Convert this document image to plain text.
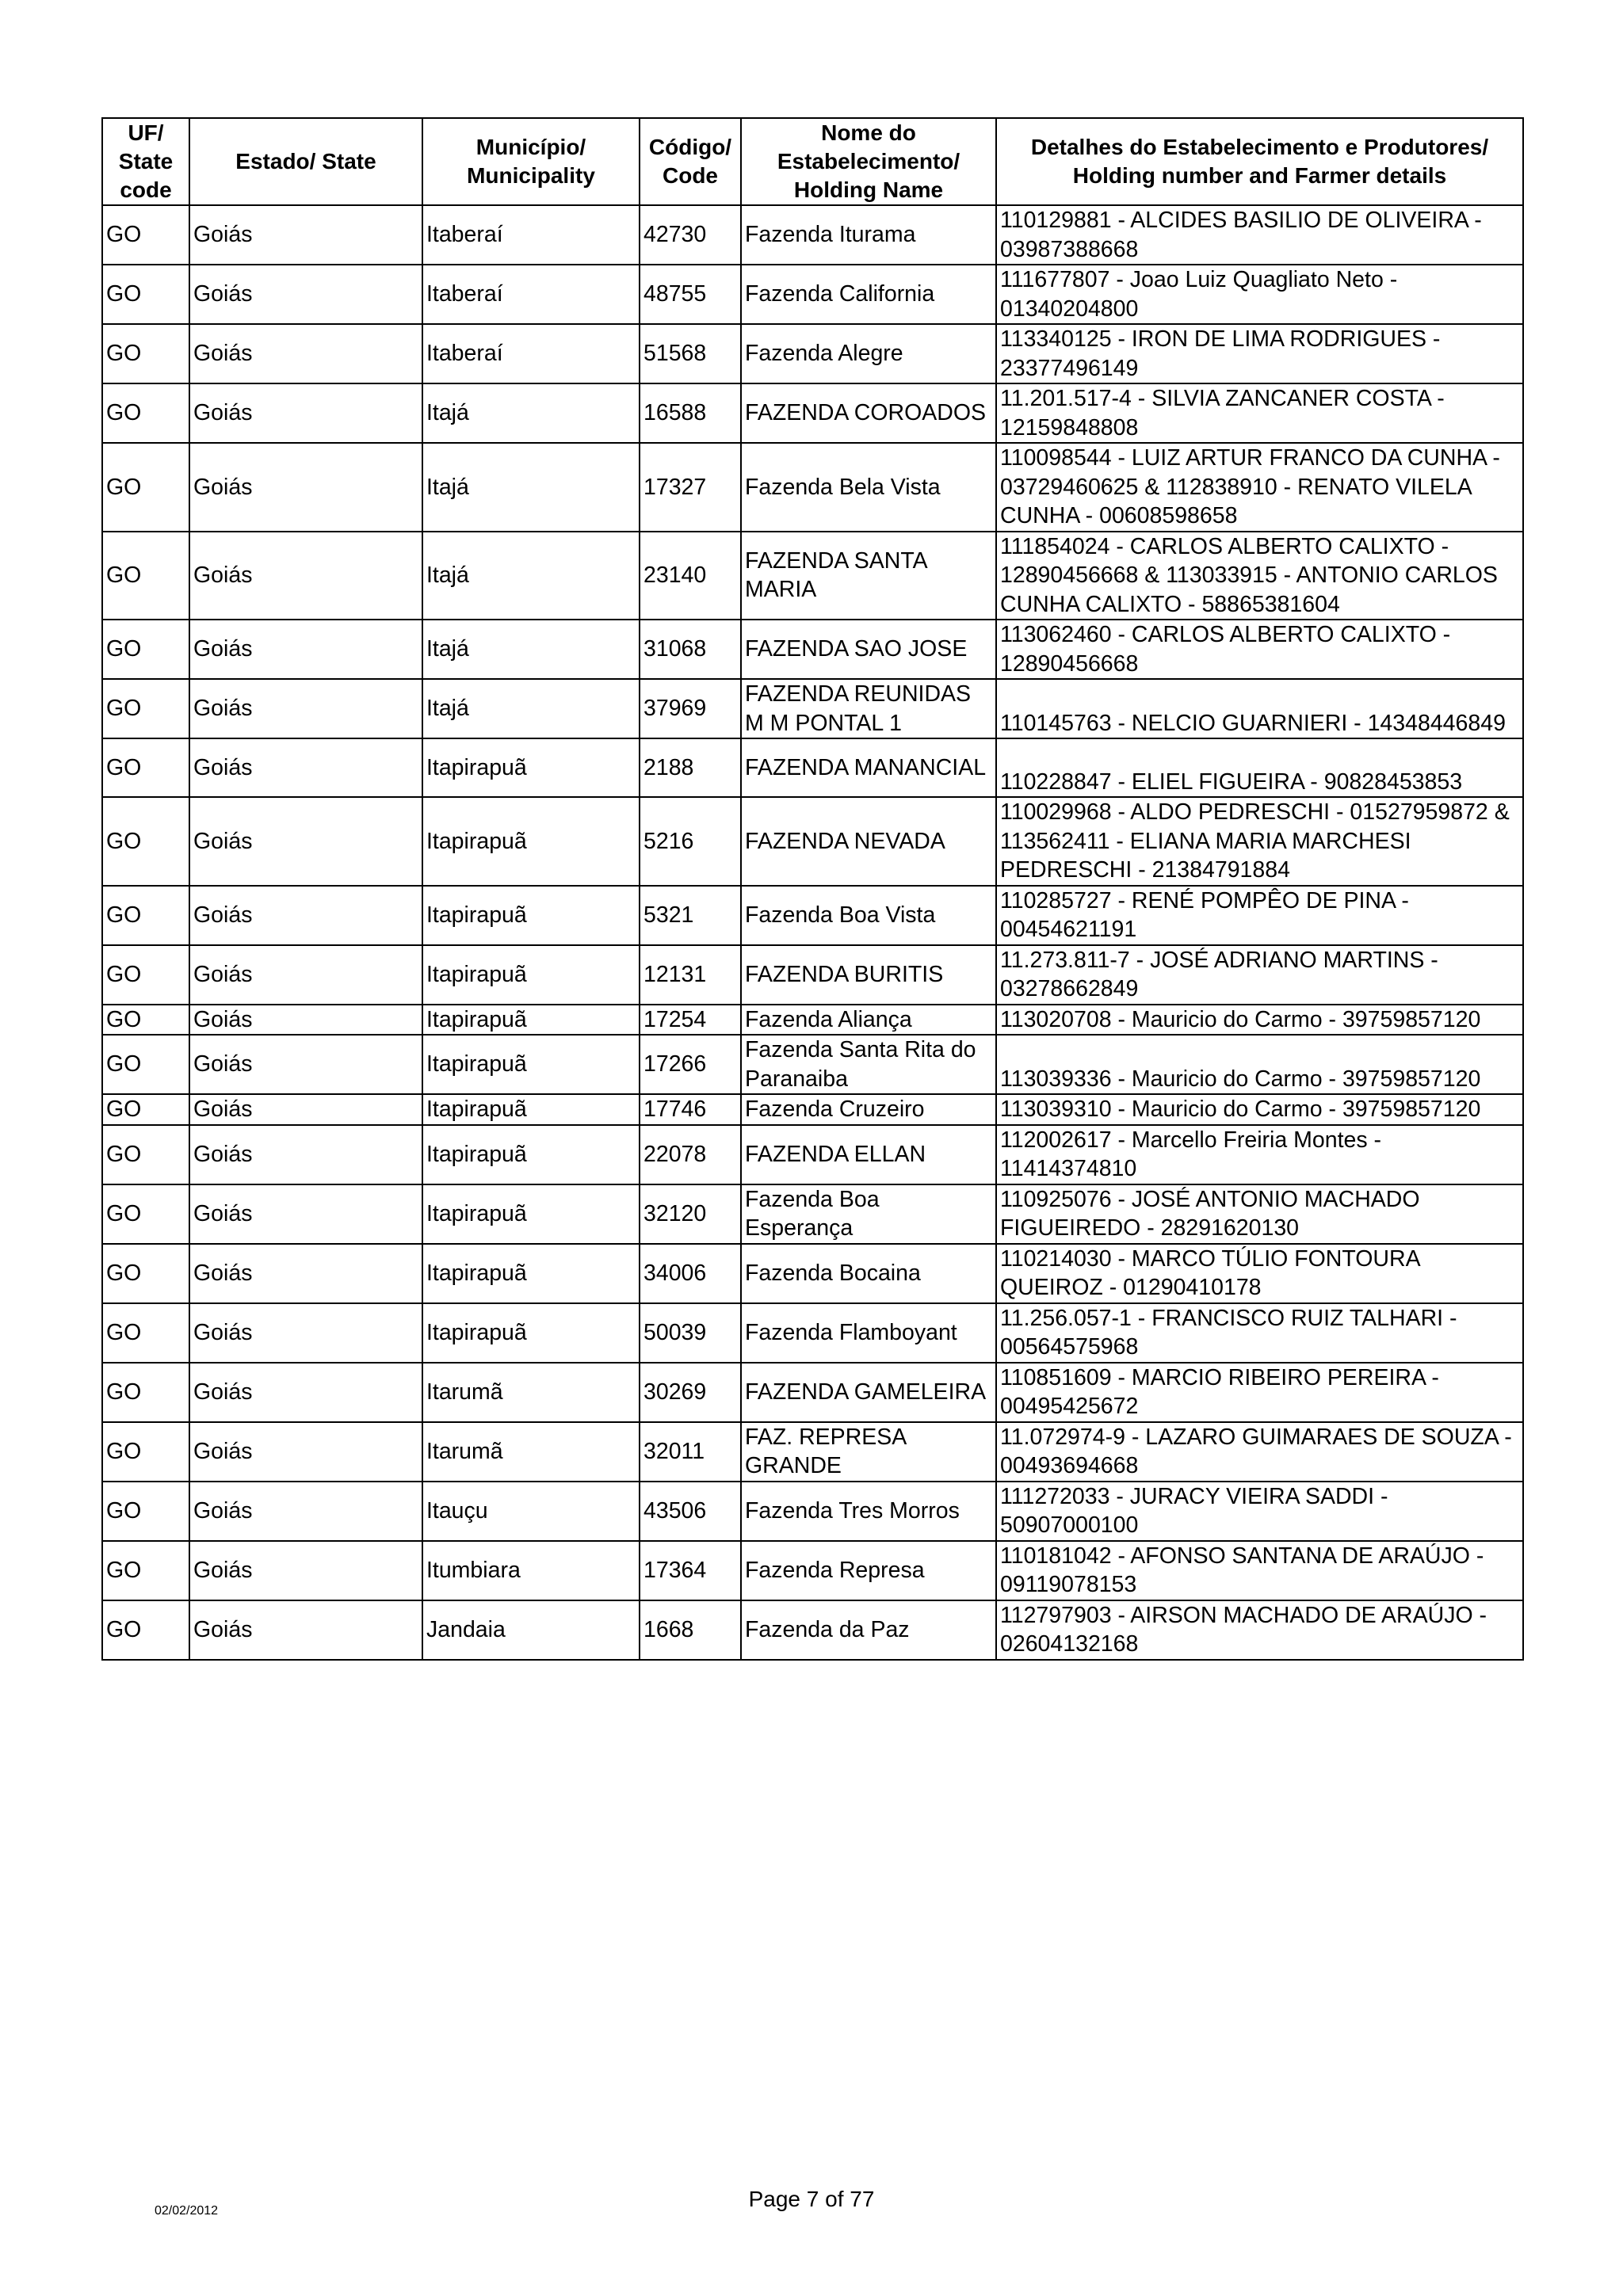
UF/ State code	Estado/ State	Município/ Municipality	Código/ Code	Nome do Estabelecimento/ Holding Name	Detalhes do Estabelecimento e Produtores/ Holding number and Farmer details
GO	Goiás	Itaberaí	42730	Fazenda Iturama	110129881 - ALCIDES BASILIO DE OLIVEIRA - 03987388668
GO	Goiás	Itaberaí	48755	Fazenda California	111677807 - Joao Luiz Quagliato Neto - 01340204800
GO	Goiás	Itaberaí	51568	Fazenda Alegre	113340125 - IRON DE LIMA RODRIGUES - 23377496149
GO	Goiás	Itajá	16588	FAZENDA COROADOS	11.201.517-4 - SILVIA ZANCANER COSTA - 12159848808
GO	Goiás	Itajá	17327	Fazenda Bela Vista	110098544 - LUIZ ARTUR FRANCO DA CUNHA - 03729460625 & 112838910 - RENATO VILELA CUNHA - 00608598658
GO	Goiás	Itajá	23140	FAZENDA SANTA MARIA	111854024 - CARLOS ALBERTO CALIXTO - 12890456668 & 113033915 - ANTONIO CARLOS CUNHA CALIXTO - 58865381604
GO	Goiás	Itajá	31068	FAZENDA SAO JOSE	113062460 - CARLOS ALBERTO CALIXTO - 12890456668
GO	Goiás	Itajá	37969	FAZENDA REUNIDAS M M PONTAL 1	110145763 - NELCIO GUARNIERI - 14348446849
GO	Goiás	Itapirapuã	2188	FAZENDA MANANCIAL	110228847 - ELIEL FIGUEIRA - 90828453853
GO	Goiás	Itapirapuã	5216	FAZENDA NEVADA	110029968 - ALDO PEDRESCHI - 01527959872 & 113562411 - ELIANA MARIA MARCHESI PEDRESCHI - 21384791884
GO	Goiás	Itapirapuã	5321	Fazenda Boa Vista	110285727 - RENÉ POMPÊO DE PINA - 00454621191
GO	Goiás	Itapirapuã	12131	FAZENDA BURITIS	11.273.811-7 - JOSÉ ADRIANO MARTINS - 03278662849
GO	Goiás	Itapirapuã	17254	Fazenda Aliança	113020708 - Mauricio do Carmo - 39759857120
GO	Goiás	Itapirapuã	17266	Fazenda Santa Rita do Paranaiba	113039336 - Mauricio do Carmo - 39759857120
GO	Goiás	Itapirapuã	17746	Fazenda Cruzeiro	113039310 - Mauricio do Carmo - 39759857120
GO	Goiás	Itapirapuã	22078	FAZENDA ELLAN	112002617 - Marcello Freiria Montes - 11414374810
GO	Goiás	Itapirapuã	32120	Fazenda Boa Esperança	110925076 - JOSÉ ANTONIO MACHADO FIGUEIREDO - 28291620130
GO	Goiás	Itapirapuã	34006	Fazenda Bocaina	110214030 - MARCO TÚLIO FONTOURA QUEIROZ - 01290410178
GO	Goiás	Itapirapuã	50039	Fazenda Flamboyant	11.256.057-1 - FRANCISCO RUIZ TALHARI - 00564575968
GO	Goiás	Itarumã	30269	FAZENDA GAMELEIRA	110851609 - MARCIO RIBEIRO PEREIRA - 00495425672
GO	Goiás	Itarumã	32011	FAZ. REPRESA GRANDE	11.072974-9 - LAZARO GUIMARAES DE SOUZA - 00493694668
GO	Goiás	Itauçu	43506	Fazenda Tres Morros	111272033 - JURACY VIEIRA SADDI - 50907000100
GO	Goiás	Itumbiara	17364	Fazenda Represa	110181042 - AFONSO SANTANA DE ARAÚJO - 09119078153
GO	Goiás	Jandaia	1668	Fazenda da Paz	112797903 - AIRSON MACHADO DE ARAÚJO - 02604132168
02/02/2012	Page 7 of 77
